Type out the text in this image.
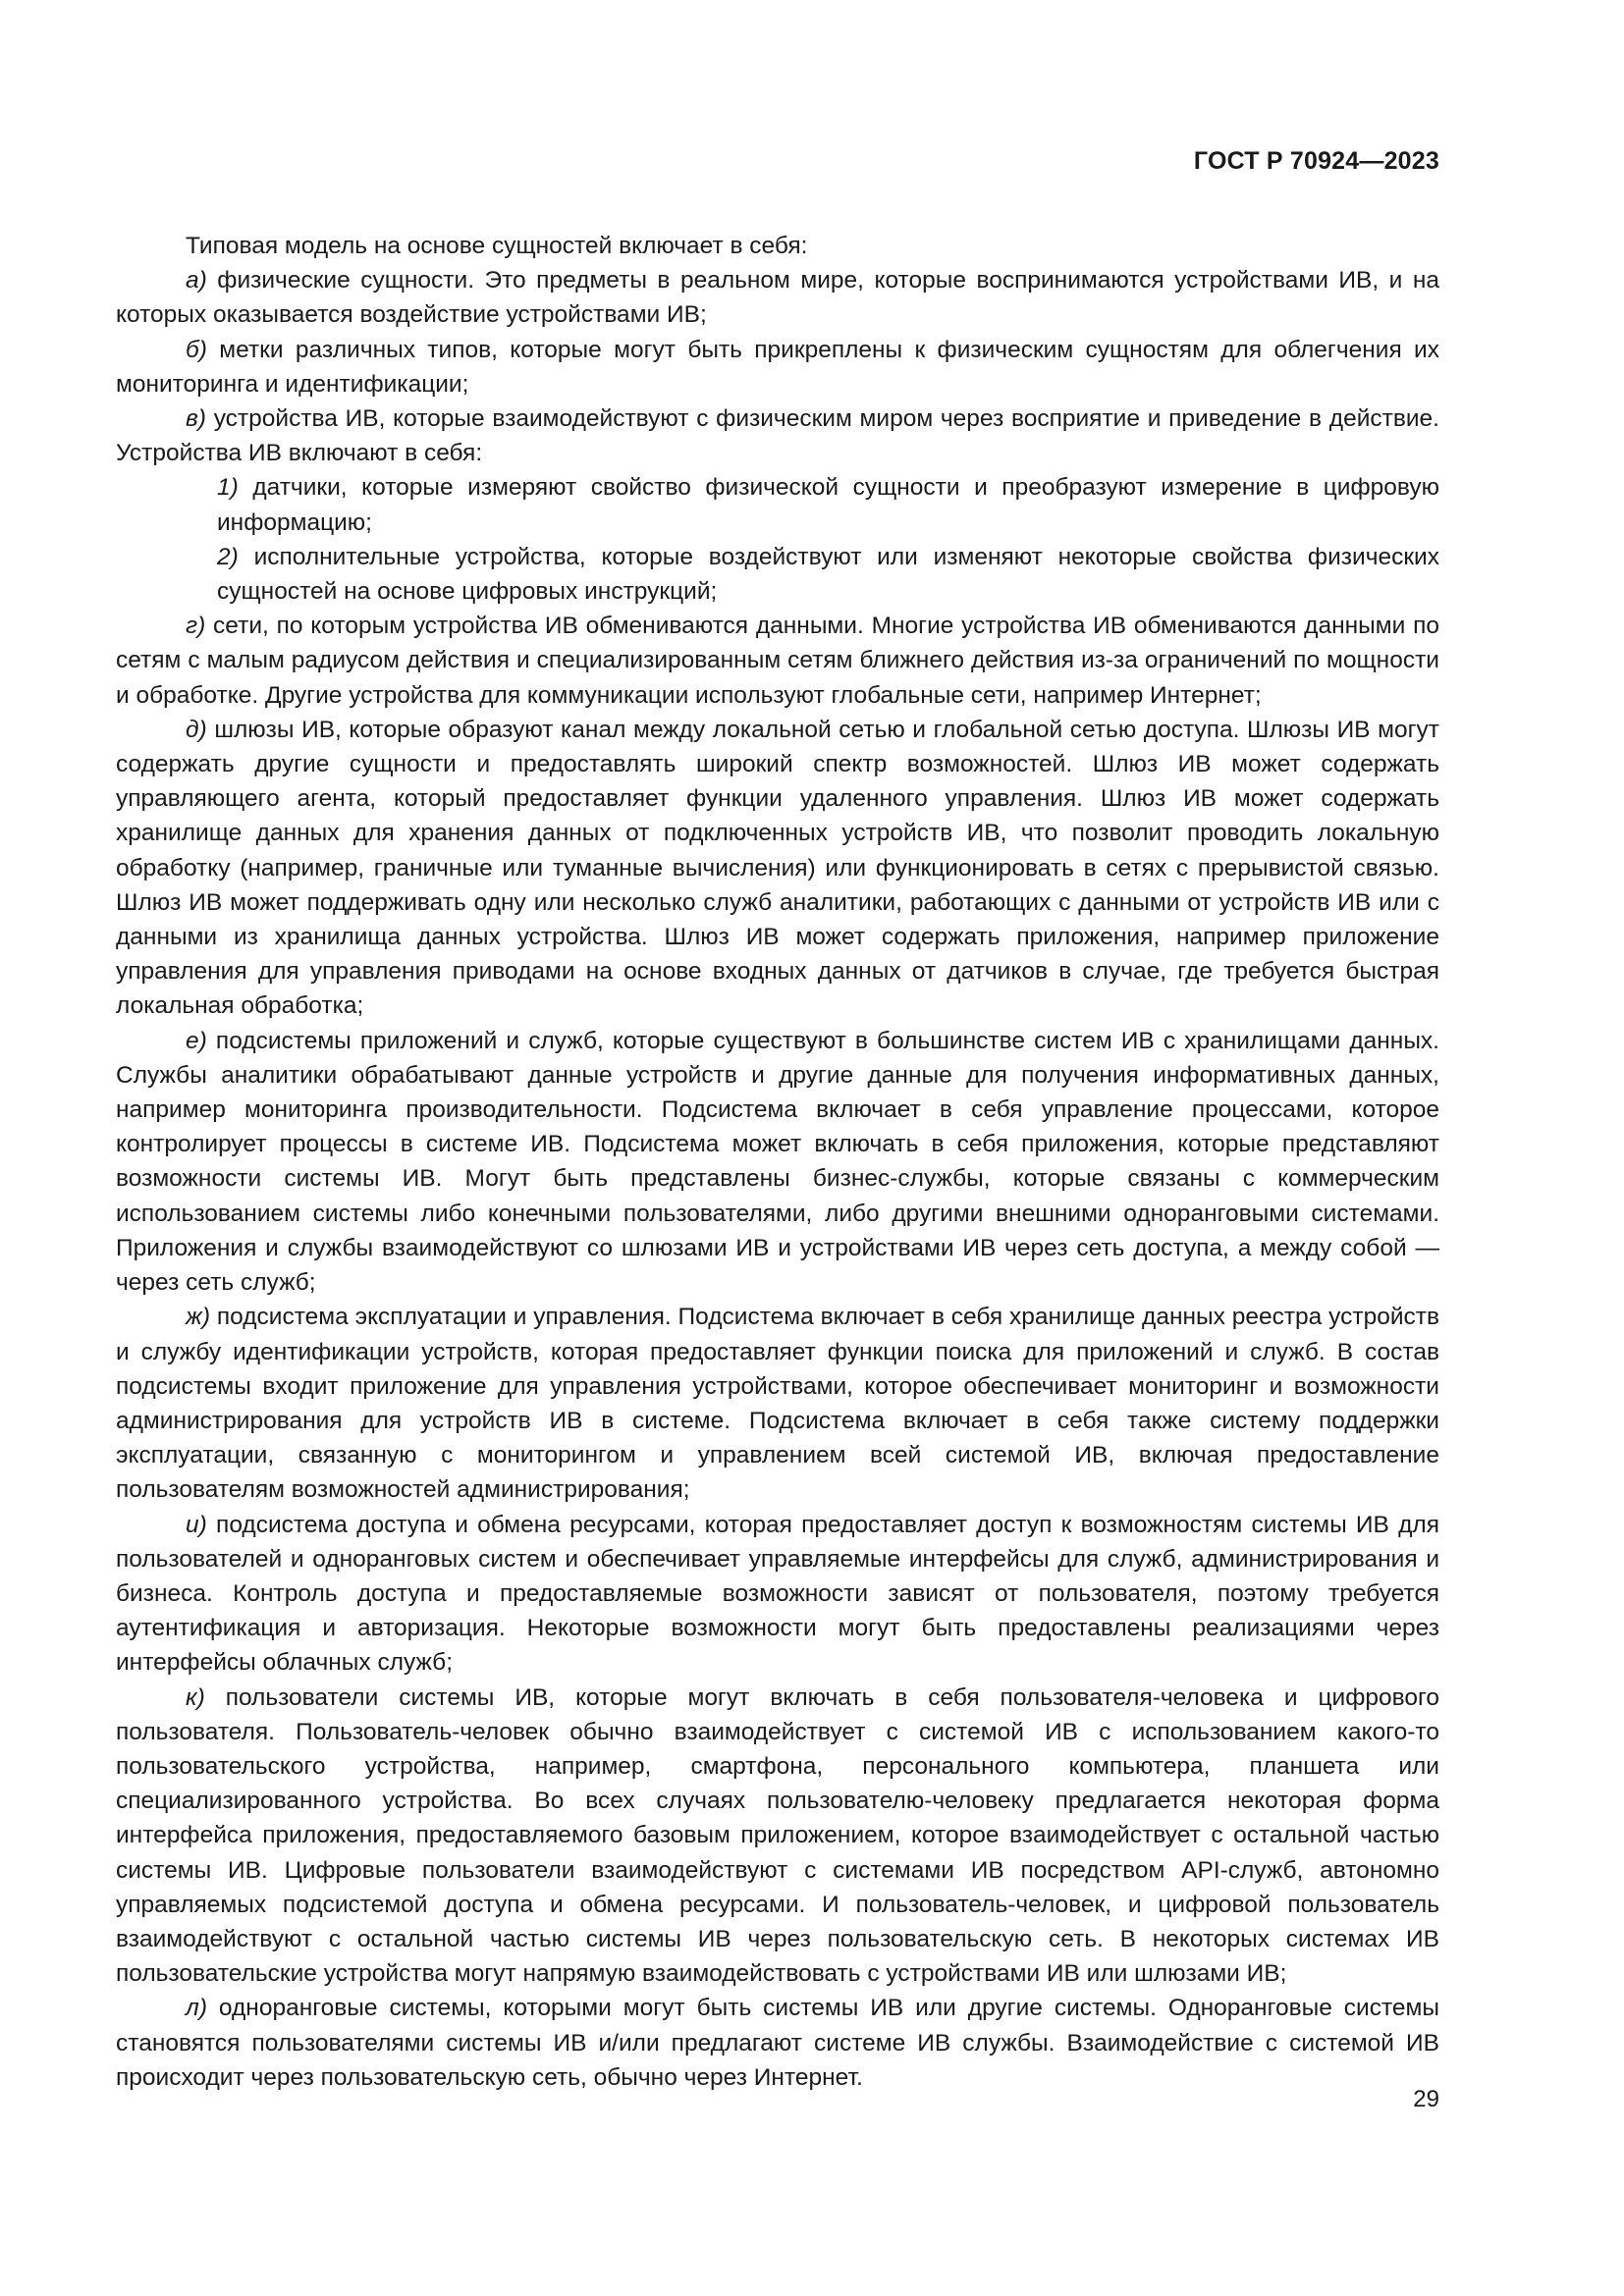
ГОСТ Р 70924—2023

Типовая модель на основе сущностей включает в себя:

а) физические сущности. Это предметы в реальном мире, которые воспринимаются устройствами ИВ, и на которых оказывается воздействие устройствами ИВ;

б) метки различных типов, которые могут быть прикреплены к физическим сущностям для облегчения их мониторинга и идентификации;

в) устройства ИВ, которые взаимодействуют с физическим миром через восприятие и приведение в действие. Устройства ИВ включают в себя:

1) датчики, которые измеряют свойство физической сущности и преобразуют измерение в цифровую информацию;

2) исполнительные устройства, которые воздействуют или изменяют некоторые свойства физических сущностей на основе цифровых инструкций;

г) сети, по которым устройства ИВ обмениваются данными. Многие устройства ИВ обмениваются данными по сетям с малым радиусом действия и специализированным сетям ближнего действия из-за ограничений по мощности и обработке. Другие устройства для коммуникации используют глобальные сети, например Интернет;

д) шлюзы ИВ, которые образуют канал между локальной сетью и глобальной сетью доступа. Шлюзы ИВ могут содержать другие сущности и предоставлять широкий спектр возможностей. Шлюз ИВ может содержать управляющего агента, который предоставляет функции удаленного управления. Шлюз ИВ может содержать хранилище данных для хранения данных от подключенных устройств ИВ, что позволит проводить локальную обработку (например, граничные или туманные вычисления) или функционировать в сетях с прерывистой связью. Шлюз ИВ может поддерживать одну или несколько служб аналитики, работающих с данными от устройств ИВ или с данными из хранилища данных устройства. Шлюз ИВ может содержать приложения, например приложение управления для управления приводами на основе входных данных от датчиков в случае, где требуется быстрая локальная обработка;

е) подсистемы приложений и служб, которые существуют в большинстве систем ИВ с хранилищами данных. Службы аналитики обрабатывают данные устройств и другие данные для получения информативных данных, например мониторинга производительности. Подсистема включает в себя управление процессами, которое контролирует процессы в системе ИВ. Подсистема может включать в себя приложения, которые представляют возможности системы ИВ. Могут быть представлены бизнес-службы, которые связаны с коммерческим использованием системы либо конечными пользователями, либо другими внешними одноранговыми системами. Приложения и службы взаимодействуют со шлюзами ИВ и устройствами ИВ через сеть доступа, а между собой — через сеть служб;

ж) подсистема эксплуатации и управления. Подсистема включает в себя хранилище данных реестра устройств и службу идентификации устройств, которая предоставляет функции поиска для приложений и служб. В состав подсистемы входит приложение для управления устройствами, которое обеспечивает мониторинг и возможности администрирования для устройств ИВ в системе. Подсистема включает в себя также систему поддержки эксплуатации, связанную с мониторингом и управлением всей системой ИВ, включая предоставление пользователям возможностей администрирования;

и) подсистема доступа и обмена ресурсами, которая предоставляет доступ к возможностям системы ИВ для пользователей и одноранговых систем и обеспечивает управляемые интерфейсы для служб, администрирования и бизнеса. Контроль доступа и предоставляемые возможности зависят от пользователя, поэтому требуется аутентификация и авторизация. Некоторые возможности могут быть предоставлены реализациями через интерфейсы облачных служб;

к) пользователи системы ИВ, которые могут включать в себя пользователя-человека и цифрового пользователя. Пользователь-человек обычно взаимодействует с системой ИВ с использованием какого-то пользовательского устройства, например, смартфона, персонального компьютера, планшета или специализированного устройства. Во всех случаях пользователю-человеку предлагается некоторая форма интерфейса приложения, предоставляемого базовым приложением, которое взаимодействует с остальной частью системы ИВ. Цифровые пользователи взаимодействуют с системами ИВ посредством API-служб, автономно управляемых подсистемой доступа и обмена ресурсами. И пользователь-человек, и цифровой пользователь взаимодействуют с остальной частью системы ИВ через пользовательскую сеть. В некоторых системах ИВ пользовательские устройства могут напрямую взаимодействовать с устройствами ИВ или шлюзами ИВ;

л) одноранговые системы, которыми могут быть системы ИВ или другие системы. Одноранговые системы становятся пользователями системы ИВ и/или предлагают системе ИВ службы. Взаимодействие с системой ИВ происходит через пользовательскую сеть, обычно через Интернет.

29
